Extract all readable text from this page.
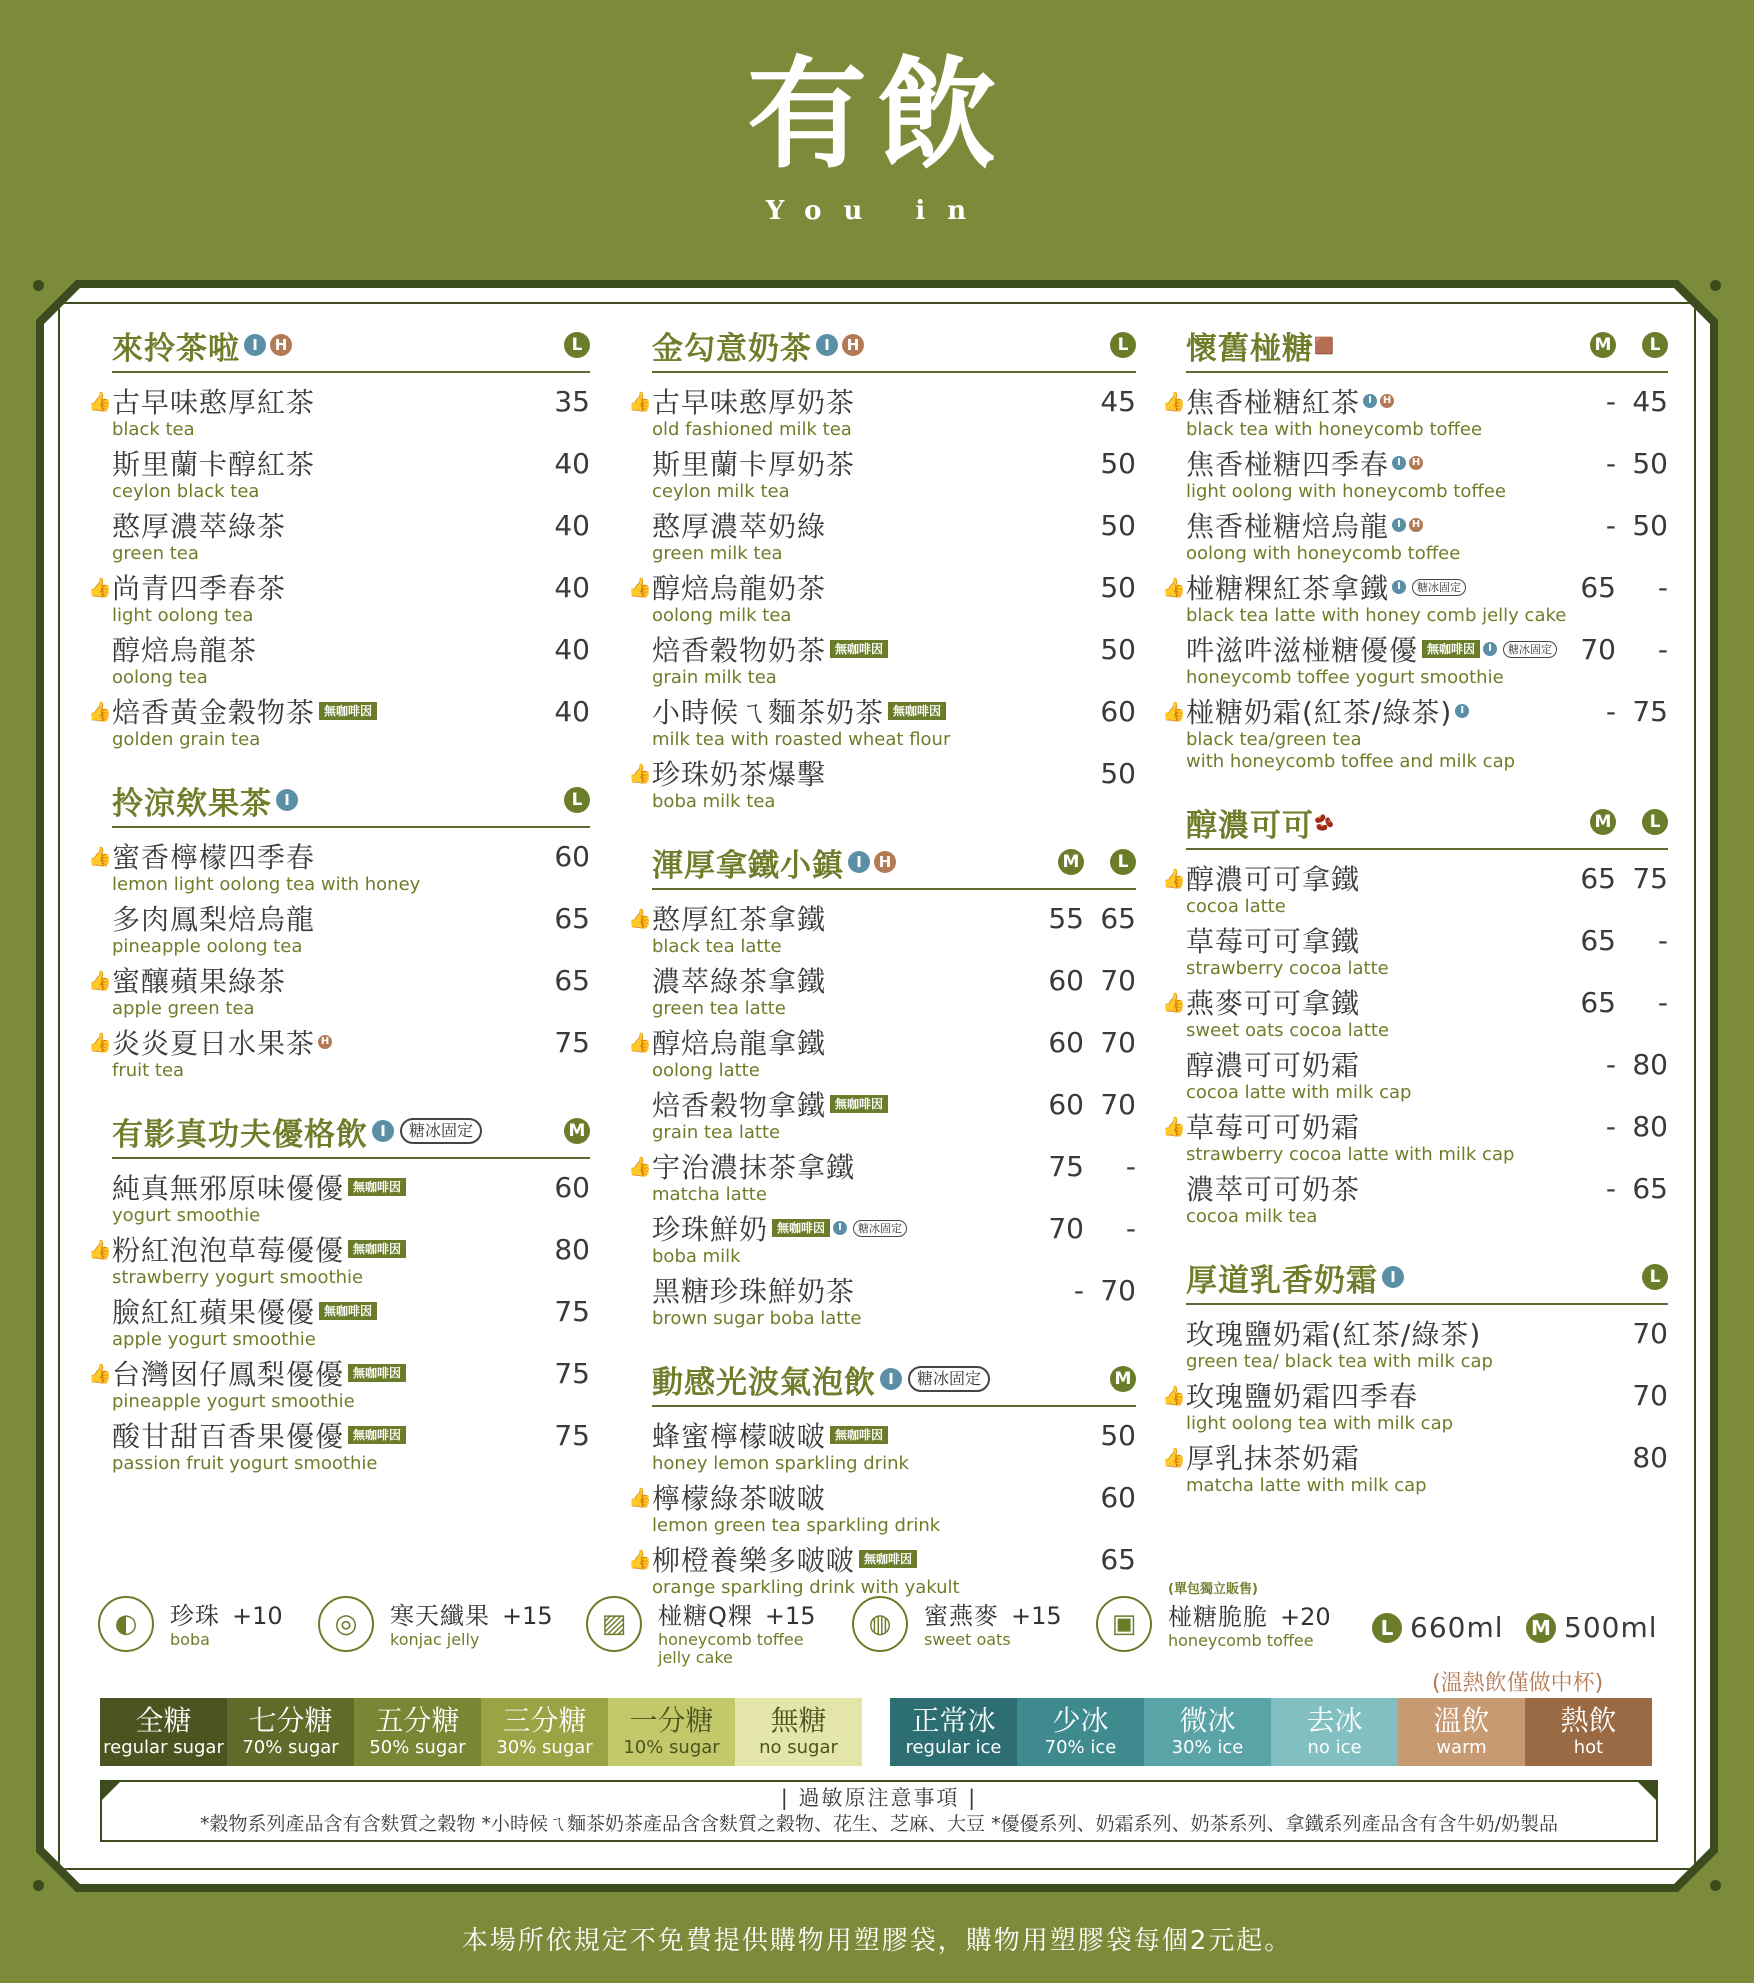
有飲
You in
來拎茶啦 I	H	L
👍 古早味憨厚紅茶	35
black tea
斯里蘭卡醇紅茶	40
ceylon black tea
憨厚濃萃綠茶	40
green tea
👍 尚青四季春茶	40
light oolong tea
醇焙烏龍茶	40
oolong tea
👍 焙香黃金穀物茶 無咖啡因	40
golden grain tea
拎涼欸果茶 I	L
👍 蜜香檸檬四季春	60
lemon light oolong tea with honey
多肉鳳梨焙烏龍	65
pineapple oolong tea
👍 蜜釀蘋果綠茶	65
apple green tea
👍 炎炎夏日水果茶 H	75
fruit tea
有影真功夫優格飲 I	糖冰固定	M
純真無邪原味優優 無咖啡因	60
yogurt smoothie
👍 粉紅泡泡草莓優優 無咖啡因	80
strawberry yogurt smoothie
臉紅紅蘋果優優 無咖啡因	75
apple yogurt smoothie
👍 台灣囡仔鳳梨優優 無咖啡因	75
pineapple yogurt smoothie
酸甘甜百香果優優 無咖啡因	75
passion fruit yogurt smoothie
金勾意奶茶 I	H	L
👍 古早味憨厚奶茶	45
old fashioned milk tea
斯里蘭卡厚奶茶	50
ceylon milk tea
憨厚濃萃奶綠	50
green milk tea
👍 醇焙烏龍奶茶	50
oolong milk tea
焙香穀物奶茶 無咖啡因	50
grain milk tea
小時候ㄟ麵茶奶茶 無咖啡因	60
milk tea with roasted wheat flour
👍 珍珠奶茶爆擊	50
boba milk tea
渾厚拿鐵小鎮 I	H	M	L
👍 憨厚紅茶拿鐵	55 65
black tea latte
濃萃綠茶拿鐵	60 70
green tea latte
👍 醇焙烏龍拿鐵	60 70
oolong latte
焙香穀物拿鐵 無咖啡因	60 70
grain tea latte
👍 宇治濃抹茶拿鐵	75	-
matcha latte
珍珠鮮奶 無咖啡因	I	糖冰固定	70	-
boba milk
黑糖珍珠鮮奶茶	- 70
brown sugar boba latte
動感光波氣泡飲 I	糖冰固定	M
蜂蜜檸檬啵啵 無咖啡因	50
honey lemon sparkling drink
👍 檸檬綠茶啵啵	60
lemon green tea sparkling drink
👍 柳橙養樂多啵啵 無咖啡因	65
orange sparkling drink with yakult
懷舊椪糖 🟫	M	L
👍 焦香椪糖紅茶 I	H	- 45
black tea with honeycomb toffee
焦香椪糖四季春 I	H	- 50
light oolong with honeycomb toffee
焦香椪糖焙烏龍 I	H	- 50
oolong with honeycomb toffee
👍 椪糖粿紅茶拿鐵 I	糖冰固定	65	-
black tea latte with honey comb jelly cake
吽滋吽滋椪糖優優 無咖啡因	I	糖冰固定	70	-
honeycomb toffee yogurt smoothie
👍 椪糖奶霜(紅茶/綠茶) I	- 75
black tea/green tea
with honeycomb toffee and milk cap
醇濃可可 🫘	M	L
👍 醇濃可可拿鐵	65 75
cocoa latte
草莓可可拿鐵	65	-
strawberry cocoa latte
👍 燕麥可可拿鐵	65	-
sweet oats cocoa latte
醇濃可可奶霜	- 80
cocoa latte with milk cap
👍 草莓可可奶霜	- 80
strawberry cocoa latte with milk cap
濃萃可可奶茶	- 65
cocoa milk tea
厚道乳香奶霜 I	L
玫瑰鹽奶霜(紅茶/綠茶)	70
green tea/ black tea with milk cap
👍 玫瑰鹽奶霜四季春	70
light oolong tea with milk cap
👍 厚乳抹茶奶霜	80
matcha latte with milk cap
◐	珍珠 +10
boba
◎	寒天纖果 +15
konjac jelly
▨	椪糖Q粿 +15
honeycomb toffee
jelly cake
◍	蜜燕麥 +15
sweet oats
▣
(單包獨立販售)
椪糖脆脆 +20
honeycomb toffee
L 660ml M 500ml
(溫熱飲僅做中杯)
全糖
regular sugar
七分糖
70% sugar
五分糖
50% sugar
三分糖
30% sugar
一分糖
10% sugar
無糖
no sugar
正常冰
regular ice
少冰
70% ice
微冰
30% ice
去冰
no ice
溫飲
warm
熱飲
hot
| 過敏原注意事項 |
*穀物系列產品含有含麩質之穀物 *小時候ㄟ麵茶奶茶產品含含麩質之穀物、花生、芝麻、大豆 *優優系列、奶霜系列、奶茶系列、拿鐵系列產品含有含牛奶/奶製品
本場所依規定不免費提供購物用塑膠袋，購物用塑膠袋每個2元起。
